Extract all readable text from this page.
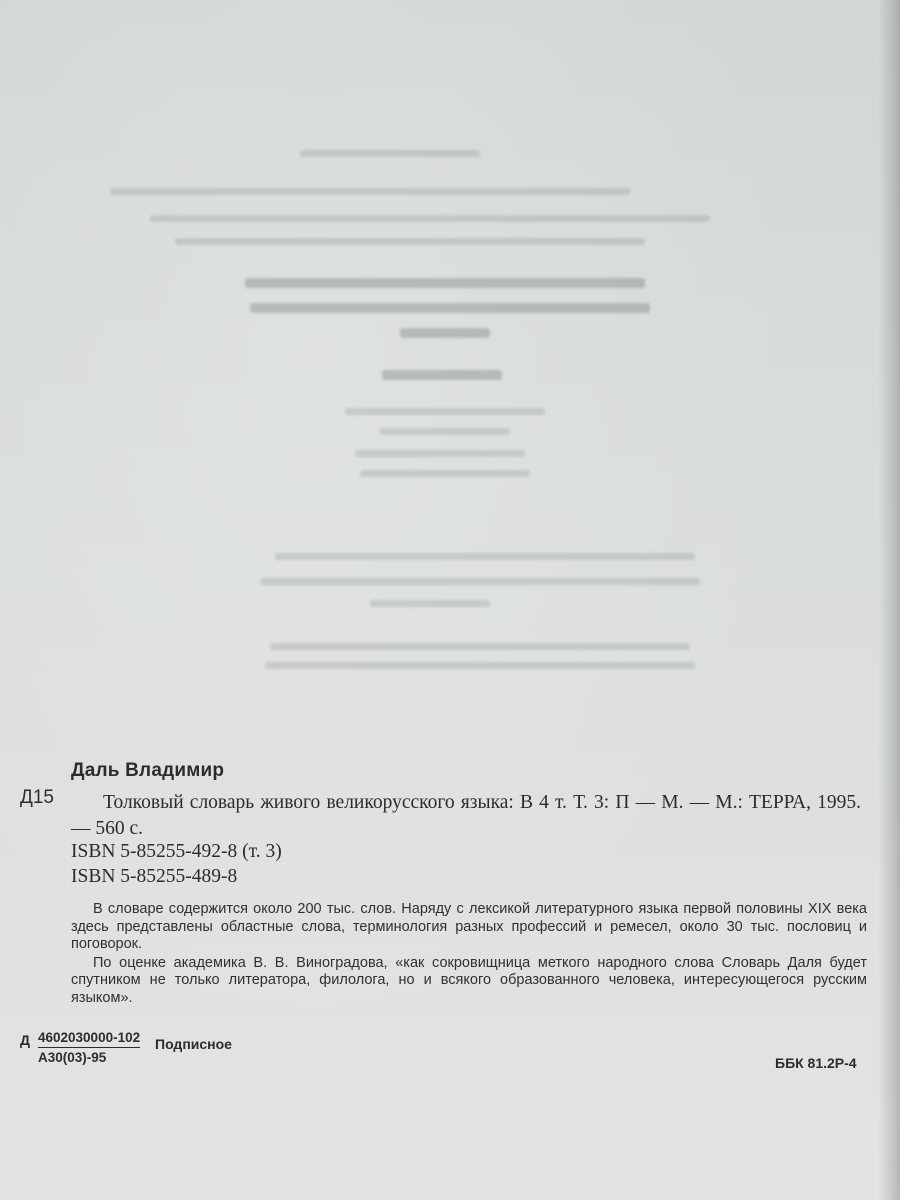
Даль Владимир
Д15	Толковый словарь живого великорусского языка: В 4 т. Т. 3: П — М. — М.: ТЕРРА, 1995. — 560 с.

ISBN 5-85255-492-8 (т. 3)
ISBN 5-85255-489-8

В словаре содержится около 200 тыс. слов. Наряду с лексикой литературного языка первой половины XIX века здесь представлены областные слова, терминология разных профессий и ремесел, около 30 тыс. пословиц и поговорок.

По оценке академика В. В. Виноградова, «как сокровищница меткого народного слова Словарь Даля будет спутником не только литератора, филолога, но и всякого образованного человека, интересующегося русским языком».

Д 4602030000-102
А30(03)-95
Подписное
ББК 81.2Р-4
